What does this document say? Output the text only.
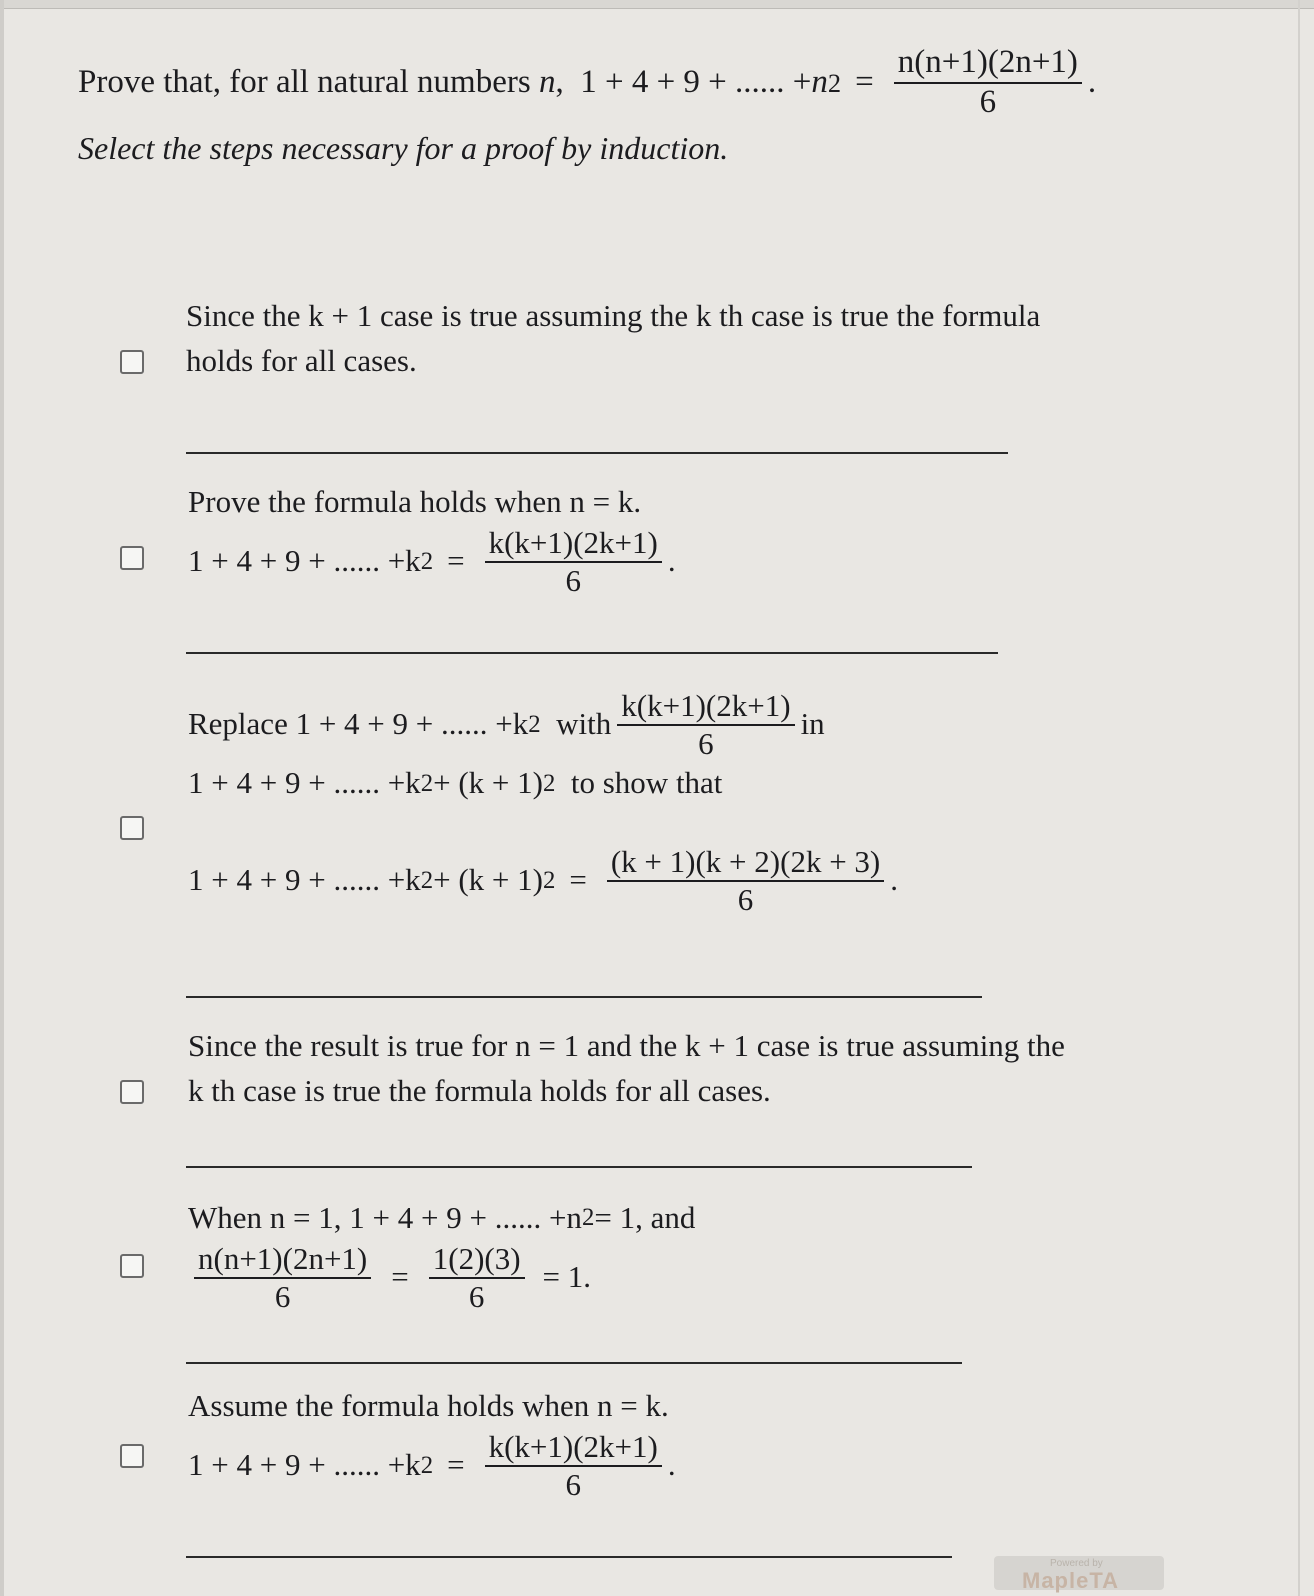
Prove that, for all natural numbers
n ,
1 + 4 + 9 + ...... + n $2 = \frac{n(n+1)(2n+1)}{6}$ .
Select the steps necessary for a proof by induction.
Since the k + 1 case is true assuming the k th case is true the formula
holds for all cases.
Prove the formula holds when n = k.
1 + 4 + 9 + ...... +k $2 = \frac{k(k+1)(2k+1)}{6}$ .
Replace
1 + 4 + 9 + ...... +k 2
with $\frac{k(k+1)(2k+1)}{6}$ in
1 + 4 + 9 + ...... +k 2 + (k + 1) 2
to show that
1 + 4 + 9 + ...... +k 2 + (k + 1) $2 = \frac{(k + 1)(k + 2)(2k + 3)}{6}$ .
Since the result is true for n = 1 and the k + 1 case is true assuming the
k th case is true the formula holds for all cases.
When n = 1, 1 + 4 + 9 + ...... +n 2 = 1, and
$\frac{n(n+1)(2n+1)}{6} = \frac{1(2)(3)}{6} = 1$.
Assume the formula holds when n = k.
1 + 4 + 9 + ...... +k $2 = \frac{k(k+1)(2k+1)}{6}$ .
Powered by
MapleTA
